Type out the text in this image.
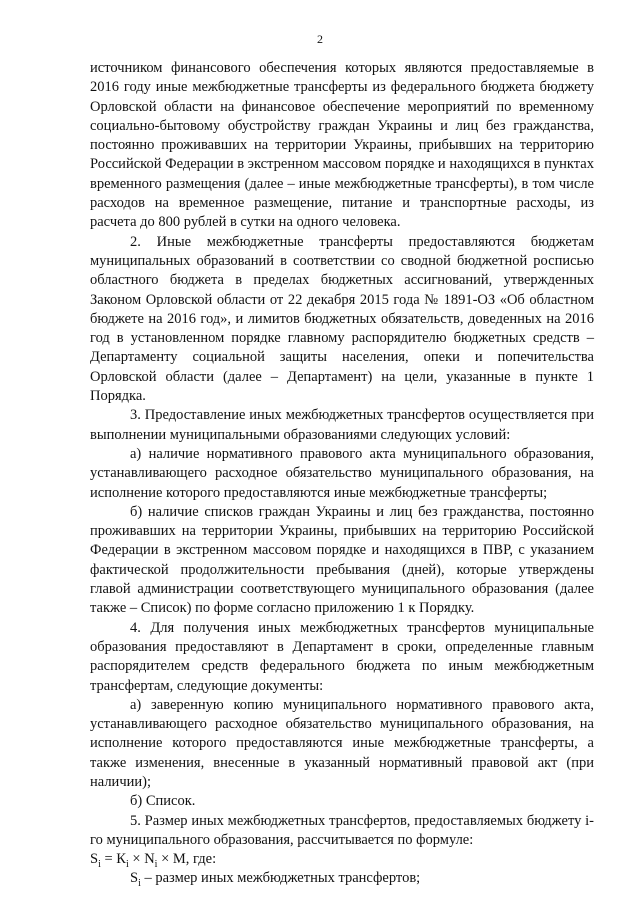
2

источником финансового обеспечения которых являются предоставляемые в 2016 году иные межбюджетные трансферты из федерального бюджета бюджету Орловской области на финансовое обеспечение мероприятий по временному социально-бытовому обустройству граждан Украины и лиц без гражданства, постоянно проживавших на территории Украины, прибывших на территорию Российской Федерации в экстренном массовом порядке и находящихся в пунктах временного размещения (далее – иные межбюджетные трансферты), в том числе расходов на временное размещение, питание и транспортные расходы, из расчета до 800 рублей в сутки на одного человека.

2. Иные межбюджетные трансферты предоставляются бюджетам муниципальных образований в соответствии со сводной бюджетной росписью областного бюджета в пределах бюджетных ассигнований, утвержденных Законом Орловской области от 22 декабря 2015 года № 1891-ОЗ «Об областном бюджете на 2016 год», и лимитов бюджетных обязательств, доведенных на 2016 год в установленном порядке главному распорядителю бюджетных средств – Департаменту социальной защиты населения, опеки и попечительства Орловской области (далее – Департамент) на цели, указанные в пункте 1 Порядка.

3. Предоставление иных межбюджетных трансфертов осуществляется при выполнении муниципальными образованиями следующих условий:

а) наличие нормативного правового акта муниципального образования, устанавливающего расходное обязательство муниципального образования, на исполнение которого предоставляются иные межбюджетные трансферты;

б) наличие списков граждан Украины и лиц без гражданства, постоянно проживавших на территории Украины, прибывших на территорию Российской Федерации в экстренном массовом порядке и находящихся в ПВР, с указанием фактической продолжительности пребывания (дней), которые утверждены главой администрации соответствующего муниципального образования (далее также – Список) по форме согласно приложению 1 к Порядку.

4. Для получения иных межбюджетных трансфертов муниципальные образования предоставляют в Департамент в сроки, определенные главным распорядителем средств федерального бюджета по иным межбюджетным трансфертам, следующие документы:

а) заверенную копию муниципального нормативного правового акта, устанавливающего расходное обязательство муниципального образования, на исполнение которого предоставляются иные межбюджетные трансферты, а также изменения, внесенные в указанный нормативный правовой акт (при наличии);

б) Список.

5. Размер иных межбюджетных трансфертов, предоставляемых бюджету i-го муниципального образования, рассчитывается по формуле:

$S_i = К_i \times N_i \times M$, где:

$S_i$ – размер иных межбюджетных трансфертов;
